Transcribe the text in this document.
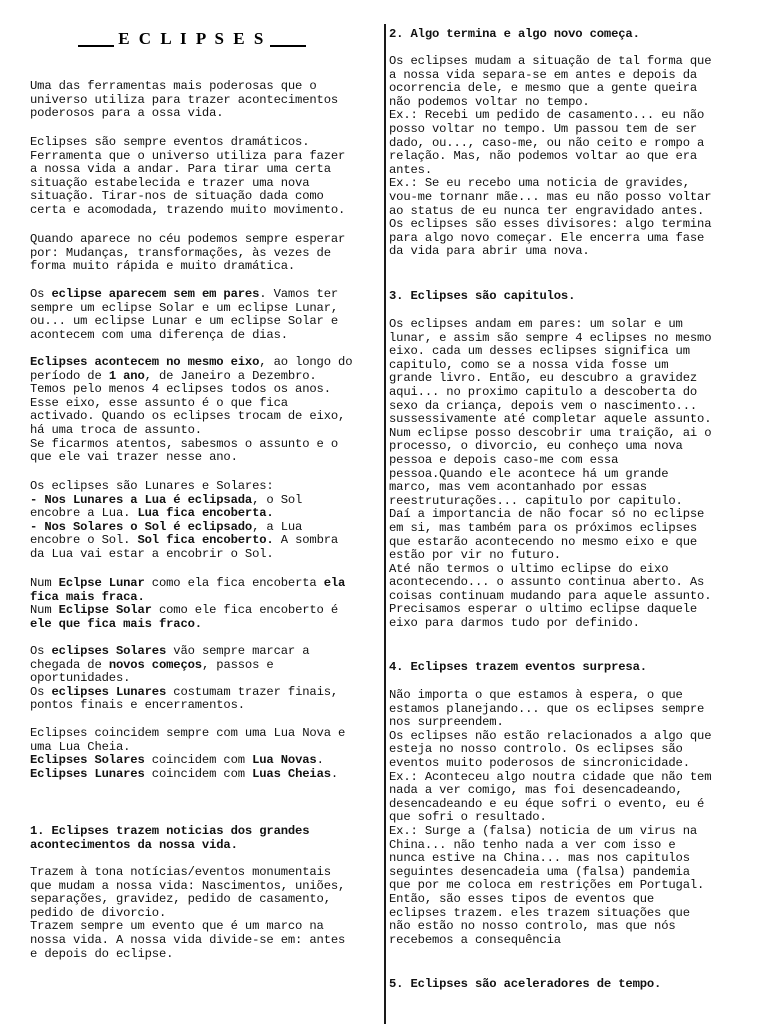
E C L I P S E S
Uma das ferramentas mais poderosas que o
universo utiliza para trazer acontecimentos
poderosos para a ossa vida.
Eclipses são sempre eventos dramáticos.
Ferramenta que o universo utiliza para fazer
a nossa vida a andar. Para tirar uma certa
situação estabelecida e trazer uma nova
situação. Tirar-nos de situação dada como
certa e acomodada, trazendo muito movimento.
Quando aparece no céu podemos sempre esperar
por: Mudanças, transformações, às vezes de
forma muito rápida e muito dramática.
Os eclipse aparecem sem em pares. Vamos ter
sempre um eclipse Solar e um eclipse Lunar,
ou... um eclipse Lunar e um eclipse Solar e
acontecem com uma diferença de dias.
Eclipses acontecem no mesmo eixo, ao longo do
período de 1 ano, de Janeiro a Dezembro.
Temos pelo menos 4 eclipses todos os anos.
Esse eixo, esse assunto é o que fica
activado. Quando os eclipses trocam de eixo,
há uma troca de assunto.
Se ficarmos atentos, sabesmos o assunto e o
que ele vai trazer nesse ano.
Os eclipses são Lunares e Solares:
- Nos Lunares a Lua é eclipsada, o Sol
encobre a Lua. Lua fica encoberta.
- Nos Solares o Sol é eclipsado, a Lua
encobre o Sol. Sol fica encoberto. A sombra
da Lua vai estar a encobrir o Sol.
Num Eclpse Lunar como ela fica encoberta ela
fica mais fraca.
Num Eclipse Solar como ele fica encoberto é
ele que fica mais fraco.
Os eclipses Solares vão sempre marcar a
chegada de novos começos, passos e
oportunidades.
Os eclipses Lunares costumam trazer finais,
pontos finais e encerramentos.
Eclipses coincidem sempre com uma Lua Nova e
uma Lua Cheia.
Eclipses Solares coincidem com Lua Novas.
Eclipses Lunares coincidem com Luas Cheias.
1. Eclipses trazem noticias dos grandes
acontecimentos da nossa vida.
Trazem à tona notícias/eventos monumentais
que mudam a nossa vida: Nascimentos, uniões,
separações, gravidez, pedido de casamento,
pedido de divorcio.
Trazem sempre um evento que é um marco na
nossa vida. A nossa vida divide-se em: antes
e depois do eclipse.
2. Algo termina e algo novo começa.
Os eclipses mudam a situação de tal forma que
a nossa vida separa-se em antes e depois da
ocorrencia dele, e mesmo que a gente queira
não podemos voltar no tempo.
Ex.: Recebi um pedido de casamento... eu não
posso voltar no tempo. Um passou tem de ser
dado, ou..., caso-me, ou não ceito e rompo a
relação. Mas, não podemos voltar ao que era
antes.
Ex.: Se eu recebo uma noticia de gravides,
vou-me tornanr mãe... mas eu não posso voltar
ao status de eu nunca ter engravidado antes.
Os eclipses são esses divisores: algo termina
para algo novo começar. Ele encerra uma fase
da vida para abrir uma nova.
3. Eclipses são capitulos.
Os eclipses andam em pares: um solar e um
lunar, e assim são sempre 4 eclipses no mesmo
eixo. cada um desses eclipses significa um
capitulo, como se a nossa vida fosse um
grande livro. Então, eu descubro a gravidez
aqui... no proximo capitulo a descoberta do
sexo da criança, depois vem o nascimento...
sussessivamente até completar aquele assunto.
Num eclipse posso descobrir uma traição, ai o
processo, o divorcio, eu conheço uma nova
pessoa e depois caso-me com essa
pessoa.Quando ele acontece há um grande
marco, mas vem acontanhado por essas
reestruturações... capitulo por capitulo.
Daí a importancia de não focar só no eclipse
em si, mas também para os próximos eclipses
que estarão acontecendo no mesmo eixo e que
estão por vir no futuro.
Até não termos o ultimo eclipse do eixo
acontecendo... o assunto continua aberto. As
coisas continuam mudando para aquele assunto.
Precisamos esperar o ultimo eclipse daquele
eixo para darmos tudo por definido.
4. Eclipses trazem eventos surpresa.
Não importa o que estamos à espera, o que
estamos planejando... que os eclipses sempre
nos surpreendem.
Os eclipses não estão relacionados a algo que
esteja no nosso controlo. Os eclipses são
eventos muito poderosos de sincronicidade.
Ex.: Aconteceu algo noutra cidade que não tem
nada a ver comigo, mas foi desencadeando,
desencadeando e eu éque sofri o evento, eu é
que sofri o resultado.
Ex.: Surge a (falsa) noticia de um virus na
China... não tenho nada a ver com isso e
nunca estive na China... mas nos capitulos
seguintes desencadeia uma (falsa) pandemia
que por me coloca em restrições em Portugal.
Então, são esses tipos de eventos que
eclipses trazem. eles trazem situações que
não estão no nosso controlo, mas que nós
recebemos a consequência
5. Eclipses são aceleradores de tempo.
